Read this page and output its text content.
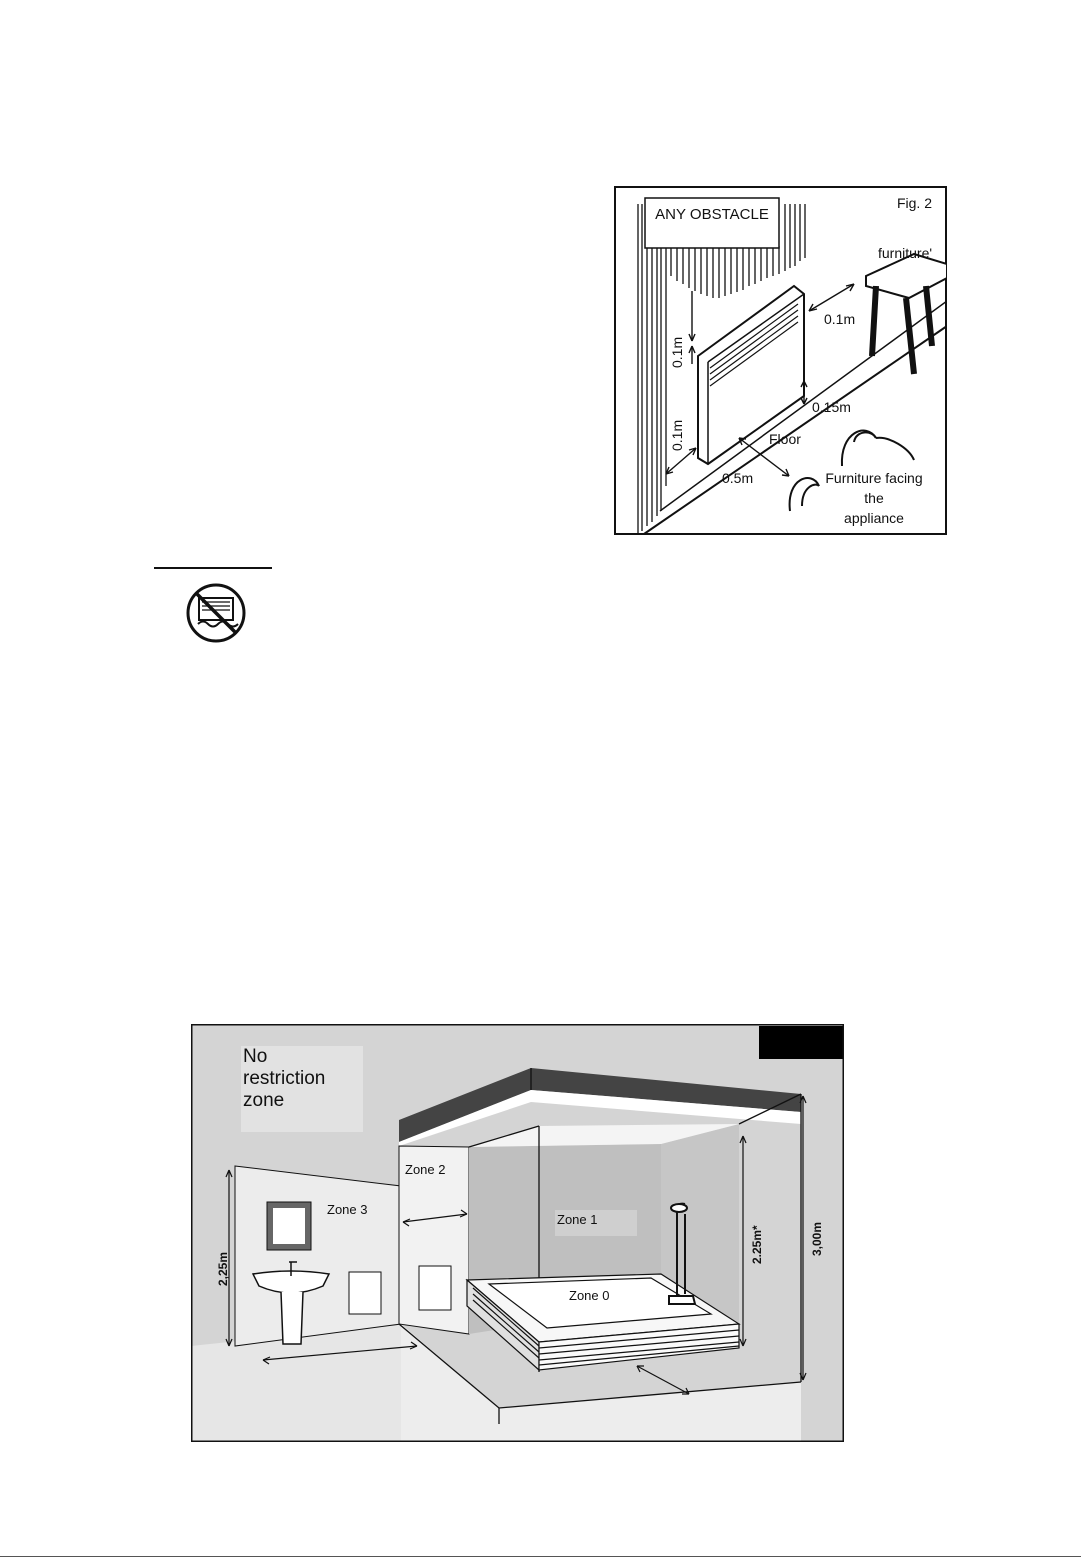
ANY OBSTACLE
Fig. 2
furniture'
0.1m
0.1m
0.1m
0.15m
Floor
0.5m	Furniture facing
the
appliance
No
restriction
zone
Zone 3
Zone 2
Zone 1
Zone 0
2,25m
2.25m*	3,00m
